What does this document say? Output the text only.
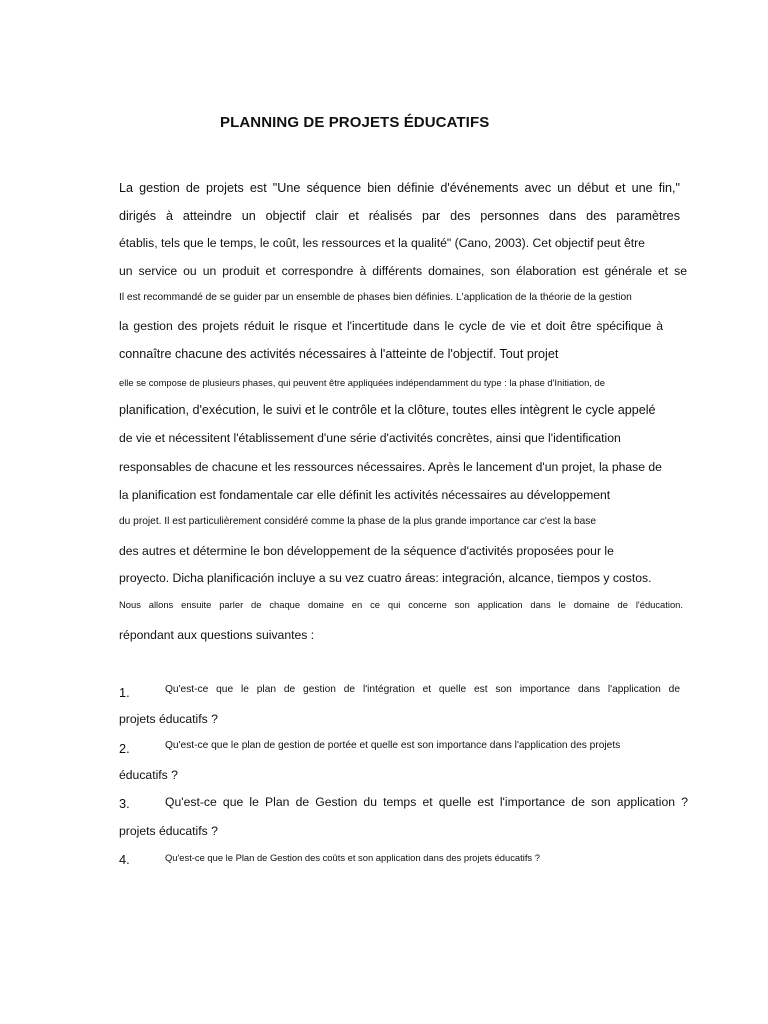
PLANNING DE PROJETS ÉDUCATIFS
La gestion de projets est "Une séquence bien définie d'événements avec un début et une fin,"
dirigés à atteindre un objectif clair et réalisés par des personnes dans des paramètres
établis, tels que le temps, le coût, les ressources et la qualité" (Cano, 2003). Cet objectif peut être
un service ou un produit et correspondre à différents domaines, son élaboration est générale et se
Il est recommandé de se guider par un ensemble de phases bien définies. L'application de la théorie de la gestion
la gestion des projets réduit le risque et l'incertitude dans le cycle de vie et doit être spécifique à
connaître chacune des activités nécessaires à l'atteinte de l'objectif. Tout projet
elle se compose de plusieurs phases, qui peuvent être appliquées indépendamment du type : la phase d'Initiation, de
planification, d'exécution, le suivi et le contrôle et la clôture, toutes elles intègrent le cycle appelé
de vie et nécessitent l'établissement d'une série d'activités concrètes, ainsi que l'identification
responsables de chacune et les ressources nécessaires. Après le lancement d'un projet, la phase de
la planification est fondamentale car elle définit les activités nécessaires au développement
du projet. Il est particulièrement considéré comme la phase de la plus grande importance car c'est la base
des autres et détermine le bon développement de la séquence d'activités proposées pour le
proyecto. Dicha planificación incluye a su vez cuatro áreas: integración, alcance, tiempos y costos.
Nous allons ensuite parler de chaque domaine en ce qui concerne son application dans le domaine de l'éducation.
répondant aux questions suivantes :
1.	Qu'est-ce que le plan de gestion de l'intégration et quelle est son importance dans l'application de
projets éducatifs ?
2.	Qu'est-ce que le plan de gestion de portée et quelle est son importance dans l'application des projets
éducatifs ?
3.	Qu'est-ce que le Plan de Gestion du temps et quelle est l'importance de son application ?
projets éducatifs ?
4.	Qu'est-ce que le Plan de Gestion des coûts et son application dans des projets éducatifs ?
